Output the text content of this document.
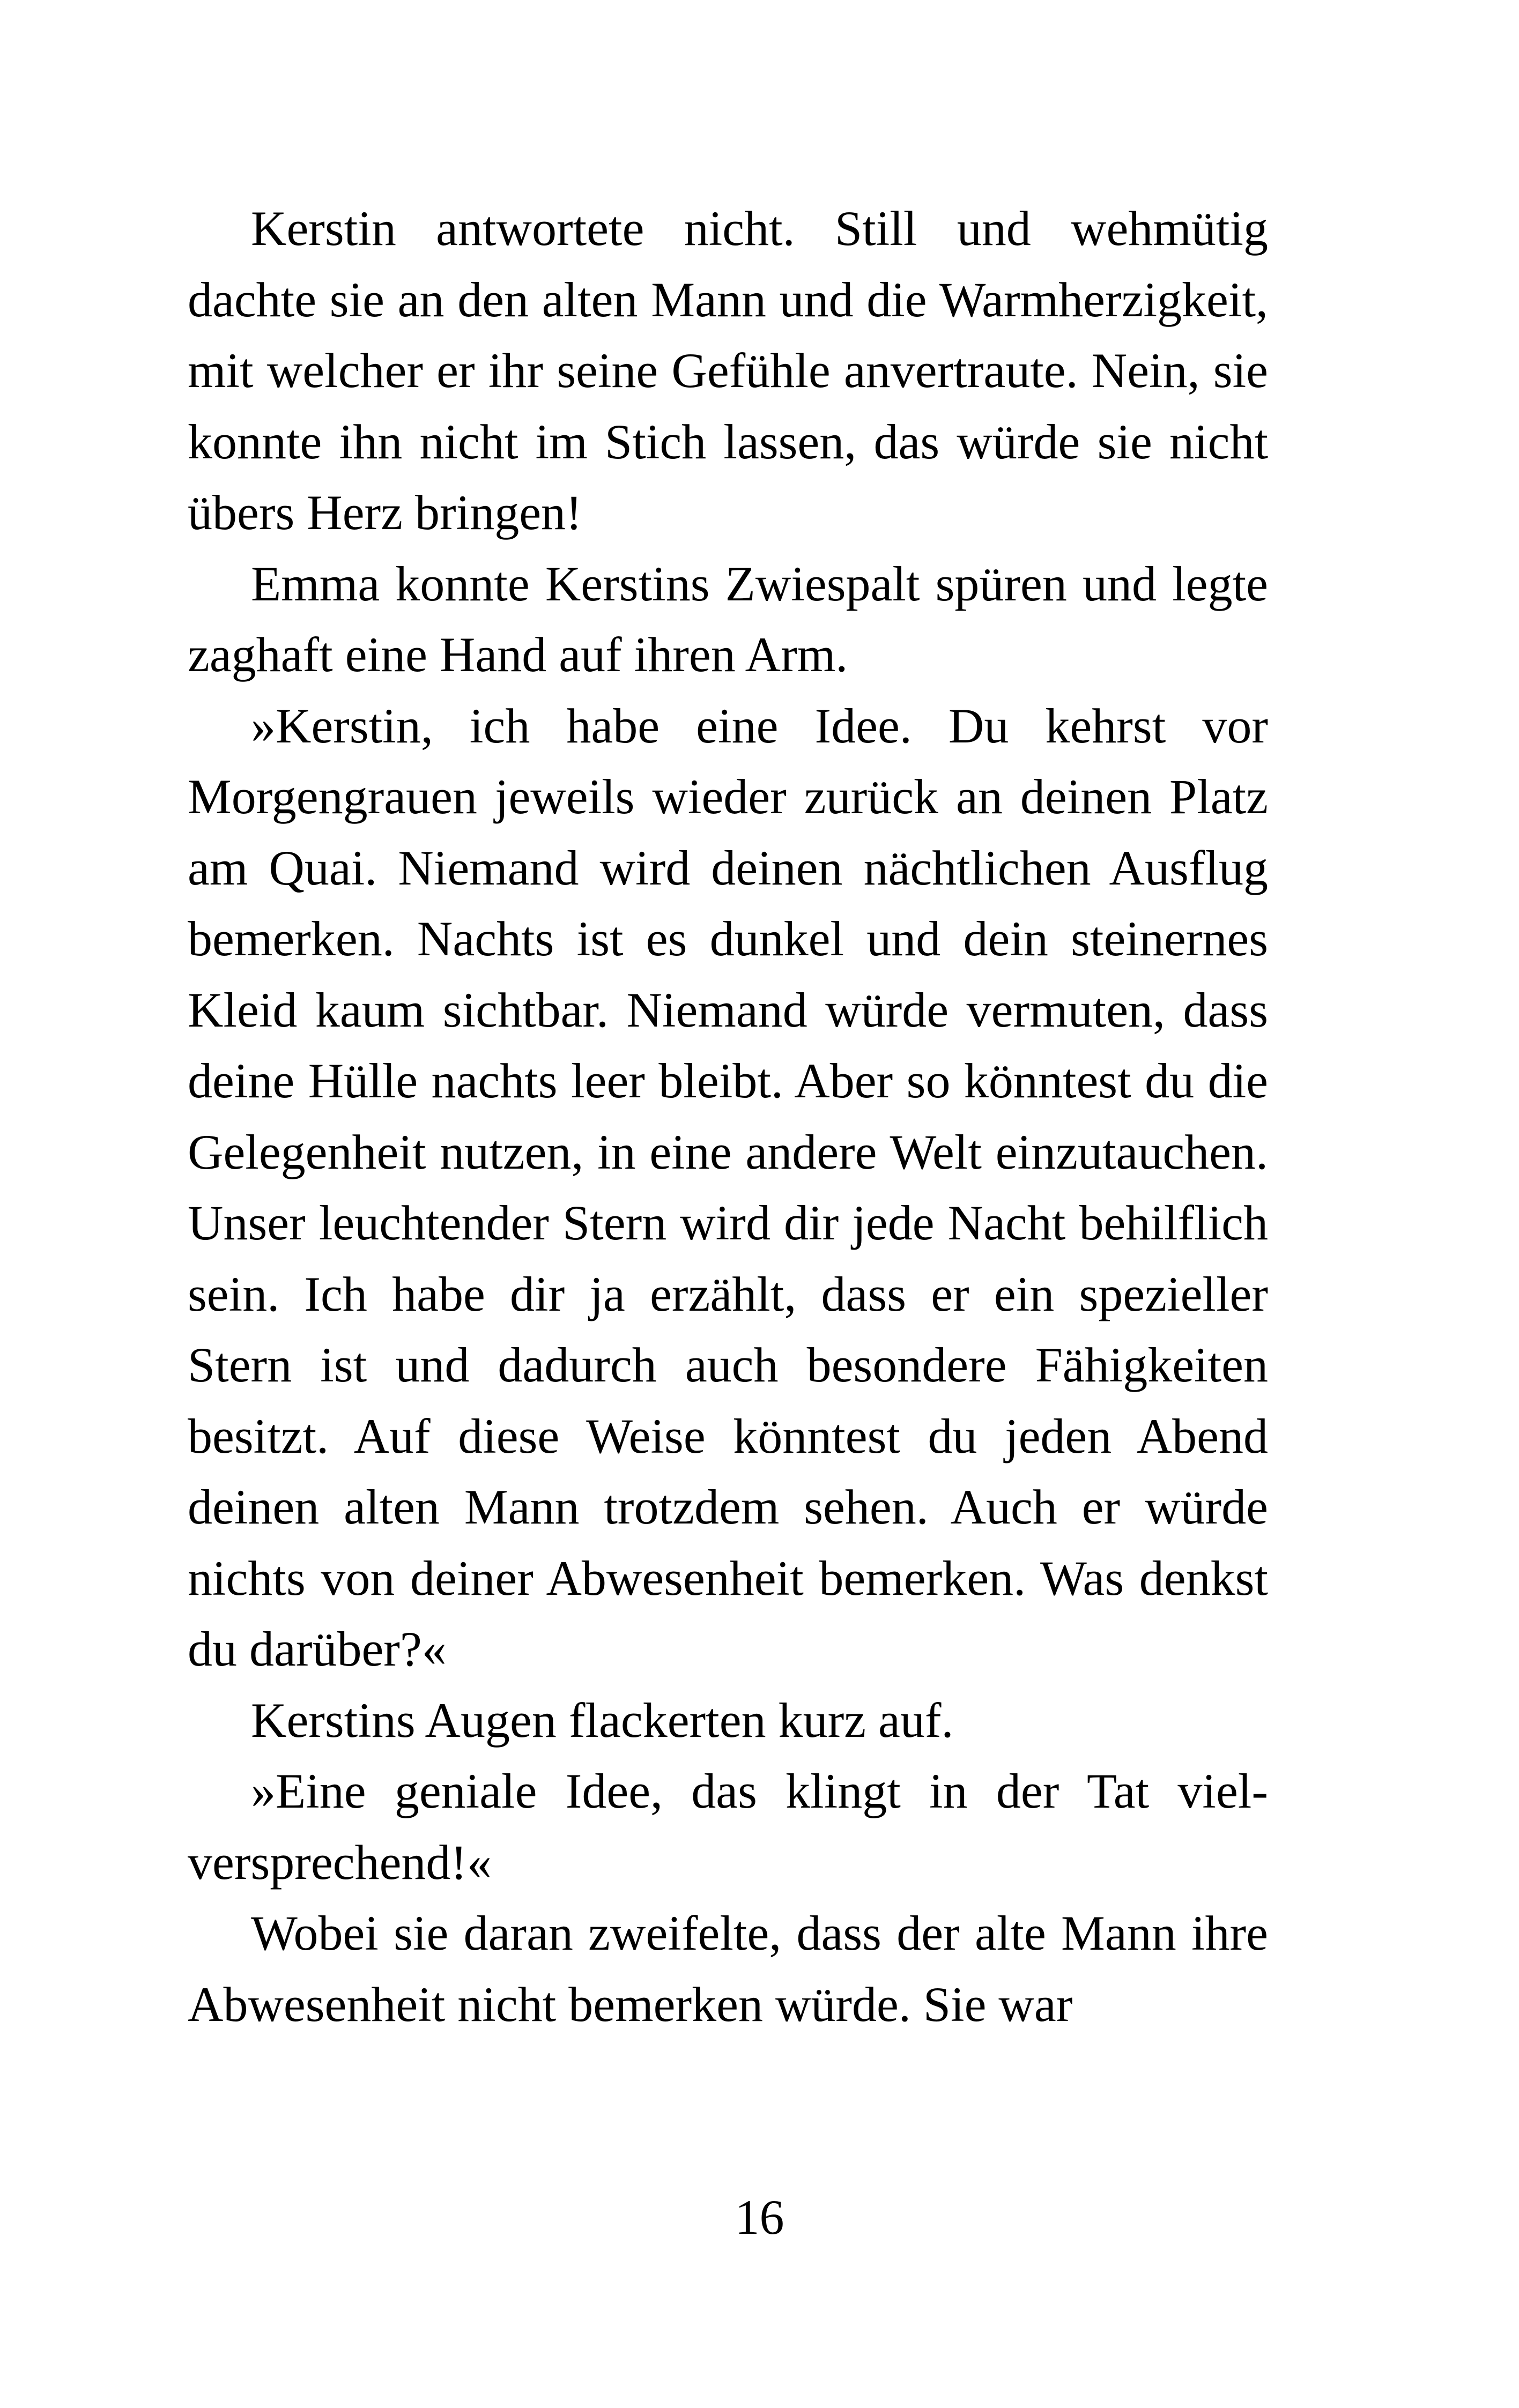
Kerstin antwortete nicht. Still und wehmütig dachte sie an den alten Mann und die Warmherzigkeit, mit welcher er ihr seine Gefühle anvertraute. Nein, sie konnte ihn nicht im Stich lassen, das würde sie nicht übers Herz bringen!

Emma konnte Kerstins Zwiespalt spüren und legte zaghaft eine Hand auf ihren Arm.

»Kerstin, ich habe eine Idee. Du kehrst vor Morgengrauen jeweils wieder zurück an deinen Platz am Quai. Niemand wird deinen nächtlichen Ausflug bemerken. Nachts ist es dunkel und dein steinernes Kleid kaum sichtbar. Niemand würde vermuten, dass deine Hülle nachts leer bleibt. Aber so könntest du die Gelegenheit nutzen, in eine andere Welt einzutauchen. Unser leuchtender Stern wird dir jede Nacht behilflich sein. Ich habe dir ja erzählt, dass er ein spezieller Stern ist und dadurch auch besondere Fähigkeiten besitzt. Auf diese Weise könntest du jeden Abend deinen alten Mann trotzdem sehen. Auch er würde nichts von deiner Abwesenheit bemerken. Was denkst du darüber?«

Kerstins Augen flackerten kurz auf.

»Eine geniale Idee, das klingt in der Tat vielversprechend!«

Wobei sie daran zweifelte, dass der alte Mann ihre Abwesenheit nicht bemerken würde. Sie war

16
